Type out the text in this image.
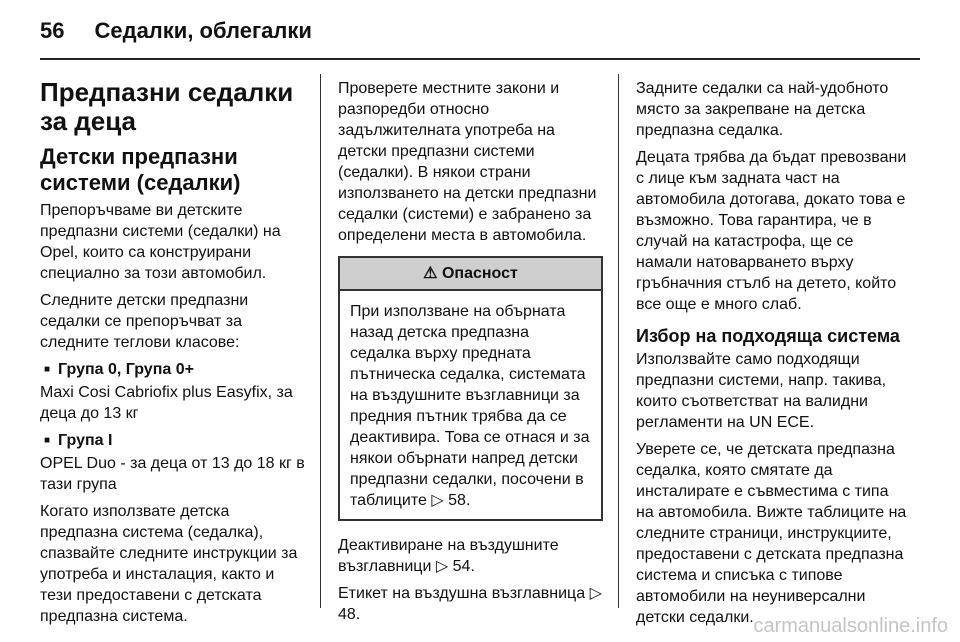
56 Седалки, облегалки
Предпазни седалки за деца
Детски предпазни системи (седалки)

Препоръчваме ви детските предпазни системи (седалки) на Opel, които са конструирани специално за този автомобил.

Следните детски предпазни седалки се препоръчват за следните теглови класове:

■ Група 0, Група 0+

Maxi Cosi Cabriofix plus Easyfix, за деца до 13 кг

■ Група I

OPEL Duo - за деца от 13 до 18 кг в тази група

Когато използвате детска предпазна система (седалка), спазвайте следните инструкции за употреба и инсталация, както и тези предоставени с детската предпазна система.

Проверете местните закони и разпоредби относно задължителната употреба на детски предпазни системи (седалки). В някои страни използването на детски предпазни седалки (системи) е забранено за определени места в автомобила.

⚠ Опасност
При използване на обърната назад детска предпазна седалка върху предната пътническа седалка, системата на въздушните възглавници за предния пътник трябва да се деактивира. Това се отнася и за някои обърнати напред детски предпазни седалки, посочени в таблиците ▷ 58.

Деактивиране на въздушните възглавници ▷ 54.

Етикет на въздушна възглавница ▷ 48.

Задните седалки са най-удобното място за закрепване на детска предпазна седалка.

Децата трябва да бъдат превозвани с лице към задната част на автомобила дотогава, докато това е възможно. Това гарантира, че в случай на катастрофа, ще се намали натоварването върху гръбначния стълб на детето, който все още е много слаб.

Избор на подходяща система

Използвайте само подходящи предпазни системи, напр. такива, които съответстват на валидни регламенти на UN ECE.

Уверете се, че детската предпазна седалка, която смятате да инсталирате е съвместима с типа на автомобила. Вижте таблиците на следните страници, инструкциите, предоставени с детската предпазна система и списъка с типове автомобили на неуниверсални детски седалки. carmanualsonline.info
